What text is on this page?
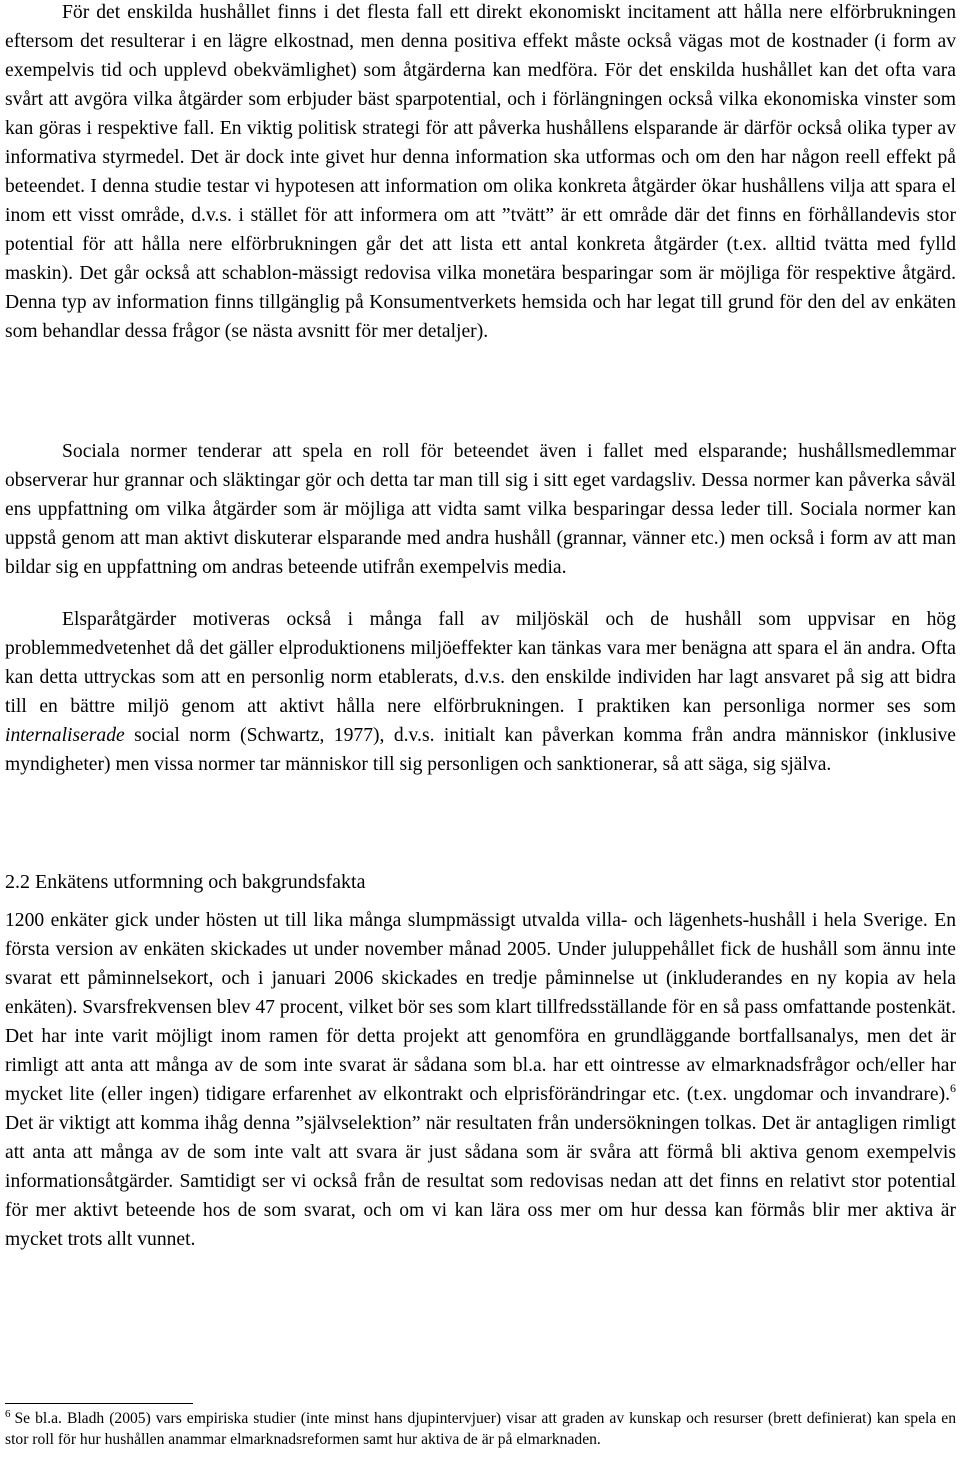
För det enskilda hushållet finns i det flesta fall ett direkt ekonomiskt incitament att hålla nere elförbrukningen eftersom det resulterar i en lägre elkostnad, men denna positiva effekt måste också vägas mot de kostnader (i form av exempelvis tid och upplevd obekvämlighet) som åtgärderna kan medföra. För det enskilda hushållet kan det ofta vara svårt att avgöra vilka åtgärder som erbjuder bäst sparpotential, och i förlängningen också vilka ekonomiska vinster som kan göras i respektive fall. En viktig politisk strategi för att påverka hushållens elsparande är därför också olika typer av informativa styrmedel. Det är dock inte givet hur denna information ska utformas och om den har någon reell effekt på beteendet. I denna studie testar vi hypotesen att information om olika konkreta åtgärder ökar hushållens vilja att spara el inom ett visst område, d.v.s. i stället för att informera om att ”tvätt” är ett område där det finns en förhållandevis stor potential för att hålla nere elförbrukningen går det att lista ett antal konkreta åtgärder (t.ex. alltid tvätta med fylld maskin). Det går också att schablon-mässigt redovisa vilka monetära besparingar som är möjliga för respektive åtgärd. Denna typ av information finns tillgänglig på Konsumentverkets hemsida och har legat till grund för den del av enkäten som behandlar dessa frågor (se nästa avsnitt för mer detaljer).

Sociala normer tenderar att spela en roll för beteendet även i fallet med elsparande; hushållsmedlemmar observerar hur grannar och släktingar gör och detta tar man till sig i sitt eget vardagsliv. Dessa normer kan påverka såväl ens uppfattning om vilka åtgärder som är möjliga att vidta samt vilka besparingar dessa leder till. Sociala normer kan uppstå genom att man aktivt diskuterar elsparande med andra hushåll (grannar, vänner etc.) men också i form av att man bildar sig en uppfattning om andras beteende utifrån exempelvis media.

Elsparåtgärder motiveras också i många fall av miljöskäl och de hushåll som uppvisar en hög problemmedvetenhet då det gäller elproduktionens miljöeffekter kan tänkas vara mer benägna att spara el än andra. Ofta kan detta uttryckas som att en personlig norm etablerats, d.v.s. den enskilde individen har lagt ansvaret på sig att bidra till en bättre miljö genom att aktivt hålla nere elförbrukningen. I praktiken kan personliga normer ses som internaliserade social norm (Schwartz, 1977), d.v.s. initialt kan påverkan komma från andra människor (inklusive myndigheter) men vissa normer tar människor till sig personligen och sanktionerar, så att säga, sig själva.

2.2 Enkätens utformning och bakgrundsfakta

1200 enkäter gick under hösten ut till lika många slumpmässigt utvalda villa- och lägenhets-hushåll i hela Sverige. En första version av enkäten skickades ut under november månad 2005. Under juluppehållet fick de hushåll som ännu inte svarat ett påminnelsekort, och i januari 2006 skickades en tredje påminnelse ut (inkluderandes en ny kopia av hela enkäten). Svarsfrekvensen blev 47 procent, vilket bör ses som klart tillfredsställande för en så pass omfattande postenkät. Det har inte varit möjligt inom ramen för detta projekt att genomföra en grundläggande bortfallsanalys, men det är rimligt att anta att många av de som inte svarat är sådana som bl.a. har ett ointresse av elmarknadsfrågor och/eller har mycket lite (eller ingen) tidigare erfarenhet av elkontrakt och elprisförändringar etc. (t.ex. ungdomar och invandrare).$^6$ Det är viktigt att komma ihåg denna ”självselektion” när resultaten från undersökningen tolkas. Det är antagligen rimligt att anta att många av de som inte valt att svara är just sådana som är svåra att förmå bli aktiva genom exempelvis informationsåtgärder. Samtidigt ser vi också från de resultat som redovisas nedan att det finns en relativt stor potential för mer aktivt beteende hos de som svarat, och om vi kan lära oss mer om hur dessa kan förmås blir mer aktiva är mycket trots allt vunnet.

$^6$ Se bl.a. Bladh (2005) vars empiriska studier (inte minst hans djupintervjuer) visar att graden av kunskap och resurser (brett definierat) kan spela en stor roll för hur hushållen anammar elmarknadsreformen samt hur aktiva de är på elmarknaden.
